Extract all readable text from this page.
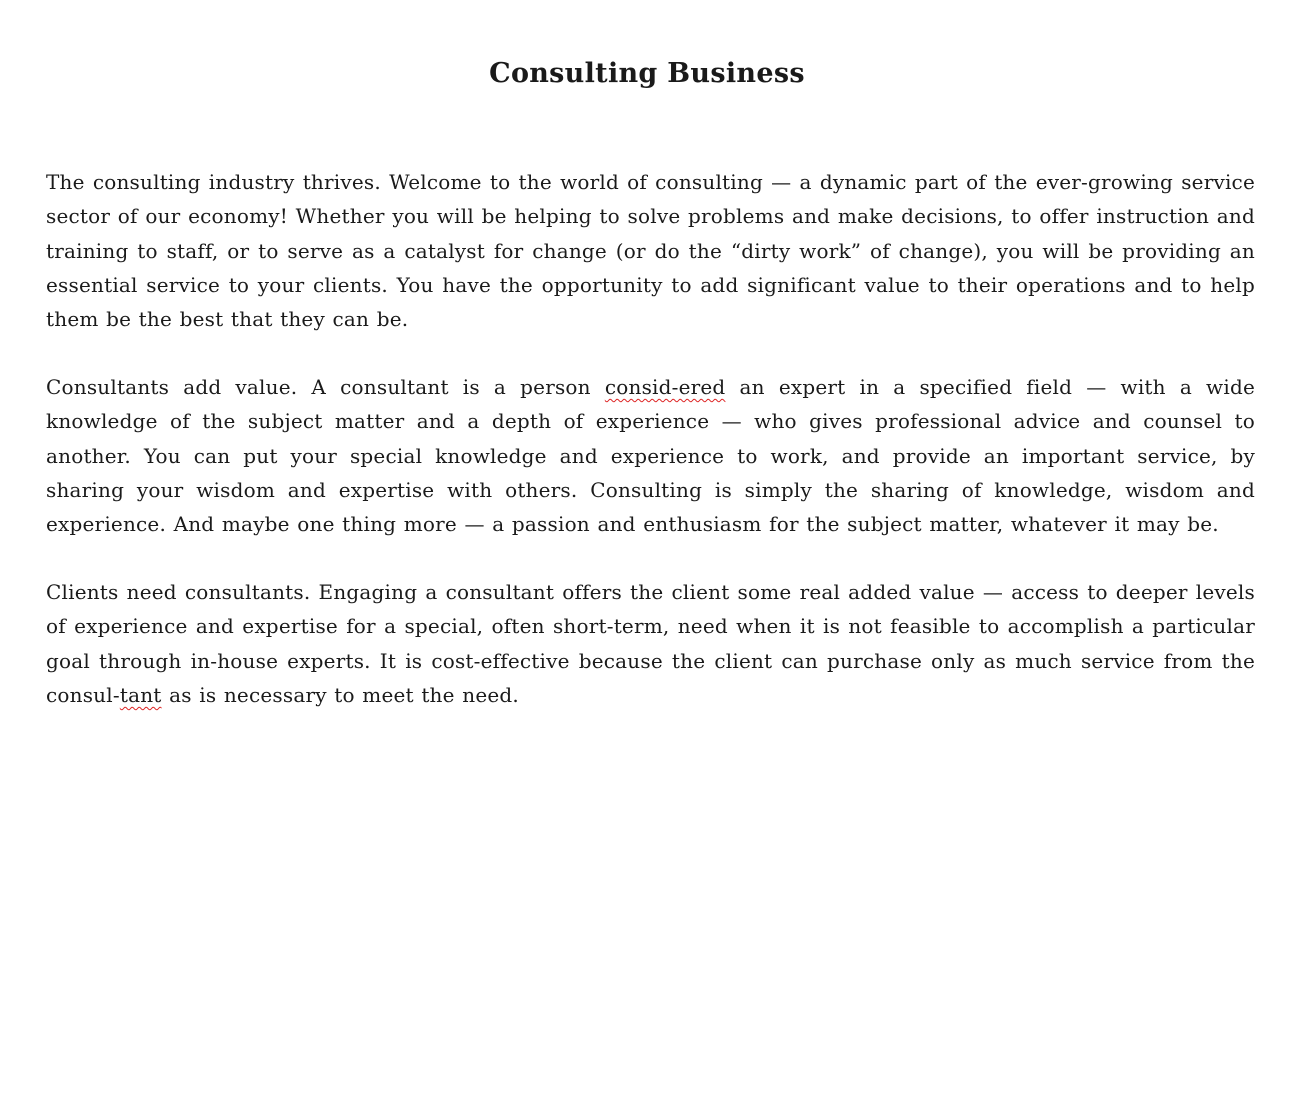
Consulting Business

The consulting industry thrives. Welcome to the world of consulting — a dynamic part of the ever-growing service sector of our economy! Whether you will be helping to solve problems and make decisions, to offer instruction and training to staff, or to serve as a catalyst for change (or do the “dirty work” of change), you will be providing an essential service to your clients. You have the opportunity to add significant value to their operations and to help them be the best that they can be.

Consultants add value. A consultant is a person consid-ered an expert in a specified field — with a wide knowledge of the subject matter and a depth of experience — who gives professional advice and counsel to another. You can put your special knowledge and experience to work, and provide an important service, by sharing your wisdom and expertise with others. Consulting is simply the sharing of knowledge, wisdom and experience. And maybe one thing more — a passion and enthusiasm for the subject matter, whatever it may be.

Clients need consultants. Engaging a consultant offers the client some real added value — access to deeper levels of experience and expertise for a special, often short-term, need when it is not feasible to accomplish a particular goal through in-house experts. It is cost-effective because the client can purchase only as much service from the consul-tant as is necessary to meet the need.
